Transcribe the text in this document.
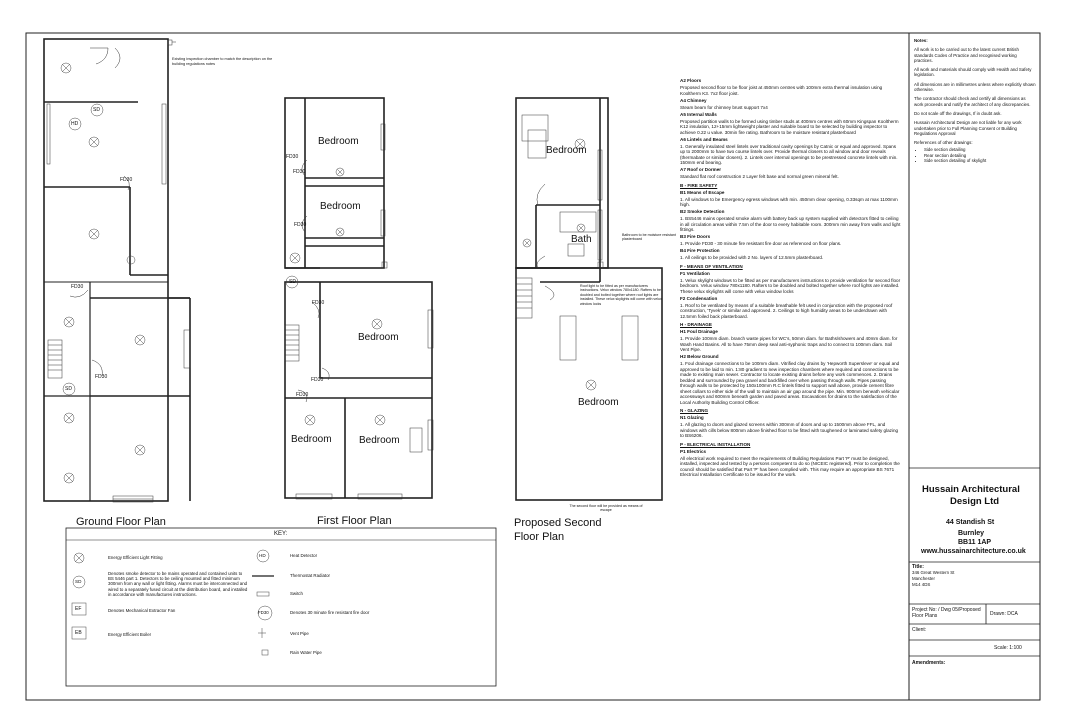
Existing inspection chamber to match the description on the building regulations notes
Bathroom to be moisture resistant plasterboard
Roof light to be fitted as per manufacturers instructions. Velux window 780x1180. Rafters to be doubled and bolted together where roof lights are installed. These velux skylights will come with velux window locks
The second floor will be provided as means of escape
HD
SD
SD
FD30
FD30
FD30
FD30
FD30
FD30
FD30
FD30
FD30
SD
Bedroom
Bedroom
Bedroom
Bedroom	Bedroom
Bedroom
Bath
Bedroom
Ground Floor Plan	First Floor Plan	Proposed Second
Floor Plan
KEY:
Energy Efficient Light Fitting
Denotes smoke detector to be mains operated and contained units to BS 5446 part 1. Detectors to be ceiling mounted and fitted minimum 300mm from any wall or light fitting. Alarms must be interconnected and wired to a separately fused circuit at the distribution board, and installed in accordance with manufactures instructions.
Denotes Mechanical Extractor Fan
Energy Efficient Boiler
Heat Detector
Thermostat Radiator
Switch
Denotes 30 minute fire resistant fire door
Vent Pipe
Rain Water Pipe
SD
EF
EB
HD
FD30

A2 Floors

Proposed second floor to be floor joist at 450mm centres with 100mm extra thermal insulation using Kooltherm K3. 7x2 floor joist.

A4 Chimney

Steam beam for chimney brust support 7x4

A5 Internal Walls

Proposed partition walls to be formed using timber studs at 400mm centres with 60mm Kingspan Kooltherm K12 insulation, 12+15mm lightweight plaster and suitable board to be selected by building inspector to achieve 0.22 u value. 30min fire rating. Bathroom to be moisture resistant plasterboard

A6 Lintels and Beams

1. Generally insulated steel lintels over traditional cavity openings by Catnic or equal and approved. Spans up to 2000mm to have two course lintels over. Provide thermal closers to all window and door reveals (thermabate or similar closers). 2. Lintels over internal openings to be prestressed concrete lintels with min. 150mm end bearing.

A7 Roof or Dormer

Standard flat roof construction 2 Layer felt base and normal green mineral felt.

B - FIRE SAFETY

B1 Means of Escape

1. All windows to be Emergency egress windows with min. 450mm clear opening, 0.33sqm at max 1100mm high.

B2 Smoke Detection

1. BS5446 mains operated smoke alarm with battery back up system supplied with detectors fitted to ceiling in all circulation areas within 7.5m of the door to every habitable room. 300mm min away from walls and light fittings.

B3 Fire Doors

1. Provide FD30 - 30 minute fire resistant fire door as referenced on floor plans.

B4 Fire Protection

1. All ceilings to be provided with 2 No. layers of 12.5mm plasterboard.

F - MEANS OF VENTILATION

F1 Ventilation

1. Velux skylight windows to be fitted as per manufacturers instructions to provide ventilation for second floor bedroom. Velux window 780x1180. Rafters to be doubled and bolted together where roof lights are installed. These velux skylights will come with velux window locks

F2 Condensation

1. Roof to be ventilated by means of a suitable breathable felt used in conjunction with the proposed roof construction, 'Tyvek' or similar and approved. 2. Ceilings to high humidity areas to be underdrawn with 12.5mm foiled back plasterboard.

H - DRAINAGE

H1 Foul Drainage

1. Provide 100mm diam. branch waste pipes for WC's, 50mm diam. for Baths/showers and 40mm diam. for Wash Hand Basins. All to have 75mm deep seal anti-syphonic traps and to connect to 100mm diam. Soil Vent Pipe.

H2 Below Ground

1. Foul drainage connections to be 100mm diam. Vitrified clay drains by 'Hepworth Supersleve' or equal and approved to be laid to min. 1:80 gradient to new inspection chambers where required and connections to be made to existing main sewer. Contractor to locate existing drains before any work commences. 2. Drains bedded and surrounded by pea gravel and backfilled over when passing through walls. Pipes passing through walls to be protected by 150x100mm R.C lintels fitted to support wall above, provide cement fibre sheet collars to either side of the wall to maintain an air gap around the pipe. Min. 900mm beneath vehicular accessways and 600mm beneath garden and paved areas. Excavations for drains to the satisfaction of the Local Authority Building Control Officer.

N - GLAZING

N1 Glazing

1. All glazing to doors and glazed screens within 300mm of doors and up to 1500mm above FFL, and windows with cills below 800mm above finished floor to be fitted with toughened or laminated safety glazing to BS6206.

P - ELECTRICAL INSTALLATION

P1 Electrics

All electrical work required to meet the requirements of Building Regulations Part 'P' must be designed, installed, inspected and tested by a persons competent to do so (NICEIC registered). Prior to completion the council should be satisfied that Part 'P' has been complied with. This may require an appropriate BS 7671 Electrical Installation Certificate to be issued for the work.

Notes:

All work is to be carried out to the latest current British standards Codes of Practice and recognised working practices.

All work and materials should comply with Health and Safety legislation.

All dimensions are in millimetres unless where explicitly shown otherwise.

The contractor should check and certify all dimensions as work proceeds and notify the architect of any discrepancies.

Do not scale off the drawings, If in doubt ask.

Hussain Architectural Design are not liable for any work undertaken prior to Full Planning Consent or Building Regulations Approval

References of other drawings:

• Side section detailing
• Rear section detailing
• Side section detailing of skylight
Hussain Architectural
Design Ltd
44 Standish St
Burnley
BB11 1AP
www.hussainarchitecture.co.uk
Title:
346 Great Western St
Manchester
M14 4DS
Project No: / Dwg 05/Proposed Floor Plans	Drawn: DCA
Client:
Scale: 1:100
Amendments:
